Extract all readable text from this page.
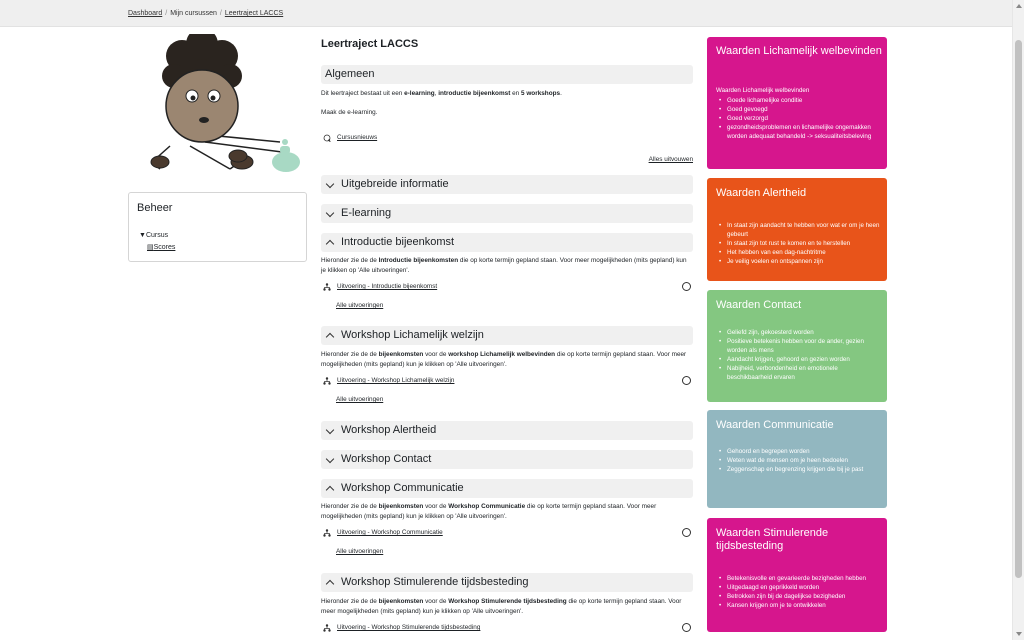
Dashboard / Mijn cursussen / Leertraject LACCS
Beheer
▼Cursus
▤Scores
Leertraject LACCS
Algemeen
Dit leertraject bestaat uit een e-learning, introductie bijeenkomst en 5 workshops.
Maak de e-learning.
Cursusnieuws
Alles uitvouwen
Uitgebreide informatie
E-learning
Introductie bijeenkomst
Hieronder zie de de Introductie bijeenkomsten die op korte termijn gepland staan. Voor meer mogelijkheden (mits gepland) kun je klikken op 'Alle uitvoeringen'.
Uitvoering - Introductie bijeenkomst
Alle uitvoeringen
Workshop Lichamelijk welzijn
Hieronder zie de de bijeenkomsten voor de workshop Lichamelijk welbevinden die op korte termijn gepland staan. Voor meer mogelijkheden (mits gepland) kun je klikken op 'Alle uitvoeringen'.
Uitvoering - Workshop Lichamelijk welzijn
Alle uitvoeringen
Workshop Alertheid
Workshop Contact
Workshop Communicatie
Hieronder zie de de bijeenkomsten voor de Workshop Communicatie die op korte termijn gepland staan. Voor meer mogelijkheden (mits gepland) kun je klikken op 'Alle uitvoeringen'.
Uitvoering - Workshop Communicatie
Alle uitvoeringen
Workshop Stimulerende tijdsbesteding
Hieronder zie de de bijeenkomsten voor de Workshop Stimulerende tijdsbesteding die op korte termijn gepland staan. Voor meer mogelijkheden (mits gepland) kun je klikken op 'Alle uitvoeringen'.
Uitvoering - Workshop Stimulerende tijdsbesteding
Waarden Lichamelijk welbevinden
Waarden Lichamelijk welbevinden
• Goede lichamelijke conditie
• Goed gevoegd
• Goed verzorgd
• gezondheidsproblemen en lichamelijke ongemakken worden adequaat behandeld -> seksualiteitsbeleving
Waarden Alertheid
• In staat zijn aandacht te hebben voor wat er om je heen gebeurt
• In staat zijn tot rust te komen en te herstellen
• Het hebben van een dag-nachtritme
• Je veilig voelen en ontspannen zijn
Waarden Contact
• Geliefd zijn, gekoesterd worden
• Positieve betekenis hebben voor de ander, gezien worden als mens
• Aandacht krijgen, gehoord en gezien worden
• Nabijheid, verbondenheid en emotionele beschikbaarheid ervaren
Waarden Communicatie
• Gehoord en begrepen worden
• Weten wat de mensen om je heen bedoelen
• Zeggenschap en begrenzing krijgen die bij je past
Waarden Stimulerende tijdsbesteding
• Betekenisvolle en gevarieerde bezigheden hebben
• Uitgedaagd en geprikkeld worden
• Betrokken zijn bij de dagelijkse bezigheden
• Kansen krijgen om je te ontwikkelen
